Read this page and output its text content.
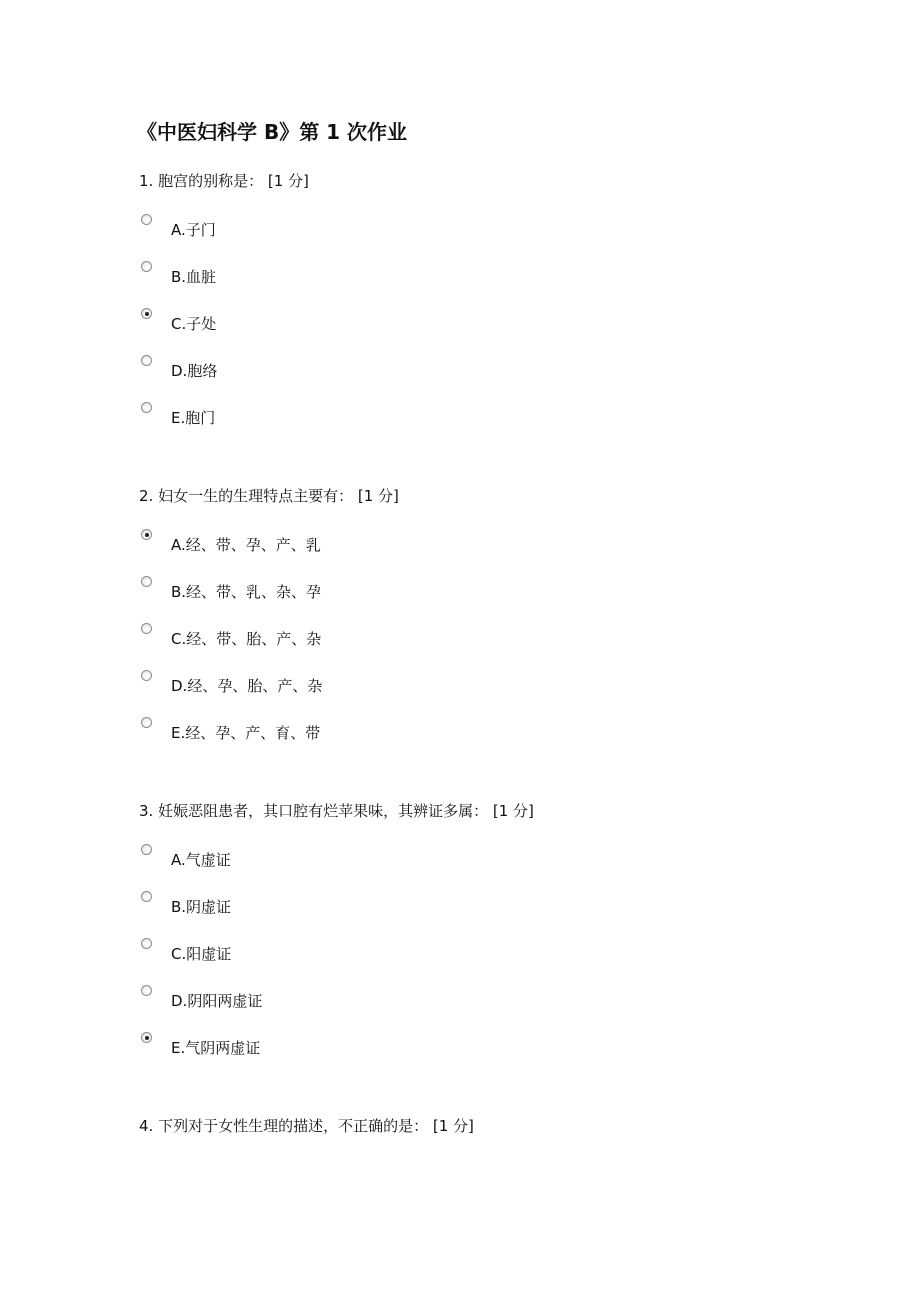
《中医妇科学 B》第 1 次作业
1. 胞宫的别称是： [1 分]
A.子门
B.血脏
C.子处
D.胞络
E.胞门
2. 妇女一生的生理特点主要有： [1 分]
A.经、带、孕、产、乳
B.经、带、乳、杂、孕
C.经、带、胎、产、杂
D.经、孕、胎、产、杂
E.经、孕、产、育、带
3. 妊娠恶阻患者，其口腔有烂苹果味，其辨证多属： [1 分]
A.气虚证
B.阴虚证
C.阳虚证
D.阴阳两虚证
E.气阴两虚证
4. 下列对于女性生理的描述，不正确的是： [1 分]
